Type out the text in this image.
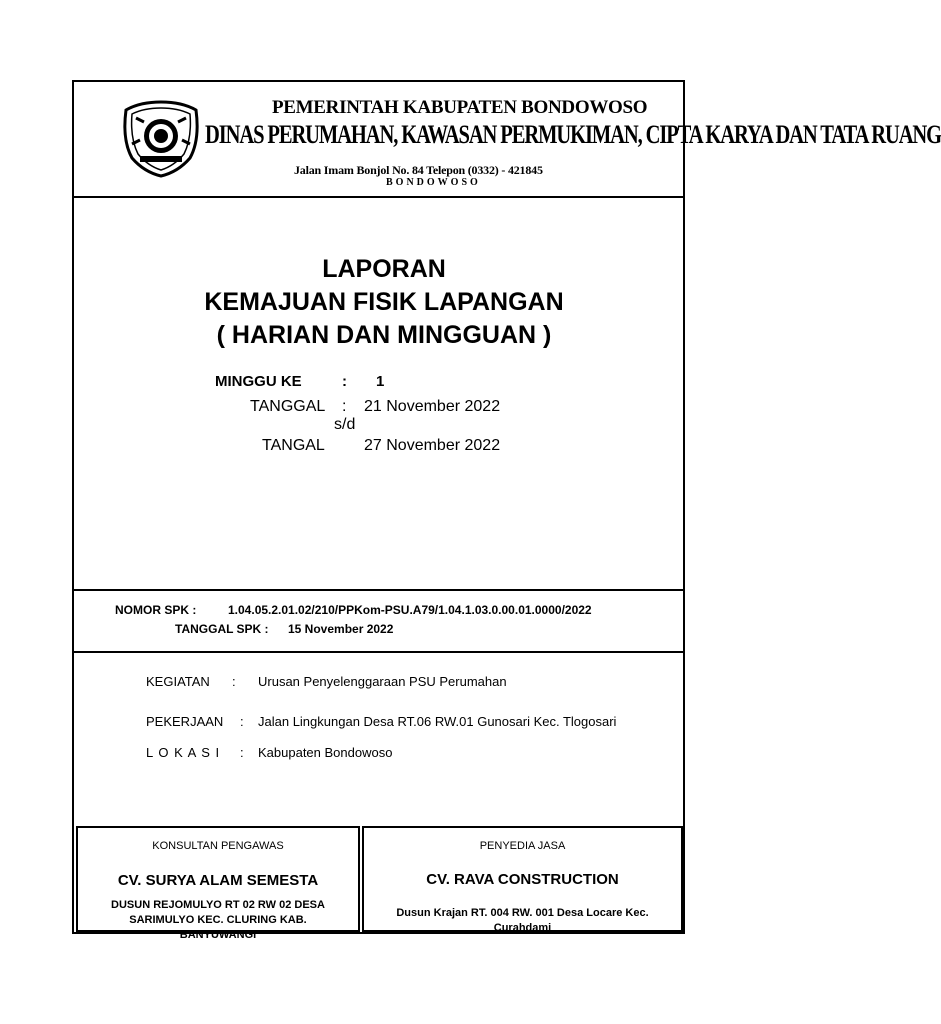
PEMERINTAH KABUPATEN BONDOWOSO
DINAS PERUMAHAN, KAWASAN PERMUKIMAN, CIPTA KARYA DAN TATA RUANG
Jalan Imam Bonjol No. 84 Telepon (0332) - 421845
BONDOWOSO
LAPORAN
KEMAJUAN FISIK LAPANGAN
( HARIAN DAN MINGGUAN )
MINGGU KE	: 1
TANGGAL : 21 November 2022
s/d
TANGAL 27 November 2022
NOMOR SPK :	1.04.05.2.01.02/210/PPKom-PSU.A79/1.04.1.03.0.00.01.0000/2022
TANGGAL SPK : 15 November 2022
KEGIATAN : Urusan Penyelenggaraan PSU Perumahan
PEKERJAAN : Jalan Lingkungan Desa RT.06 RW.01 Gunosari Kec. Tlogosari
L O K A S I : Kabupaten Bondowoso
KONSULTAN PENGAWAS
CV. SURYA ALAM SEMESTA
DUSUN REJOMULYO RT 02 RW 02 DESA SARIMULYO KEC. CLURING KAB. BANYUWANGI
PENYEDIA JASA
CV. RAVA CONSTRUCTION
Dusun Krajan RT. 004 RW. 001 Desa Locare Kec. Curahdami
